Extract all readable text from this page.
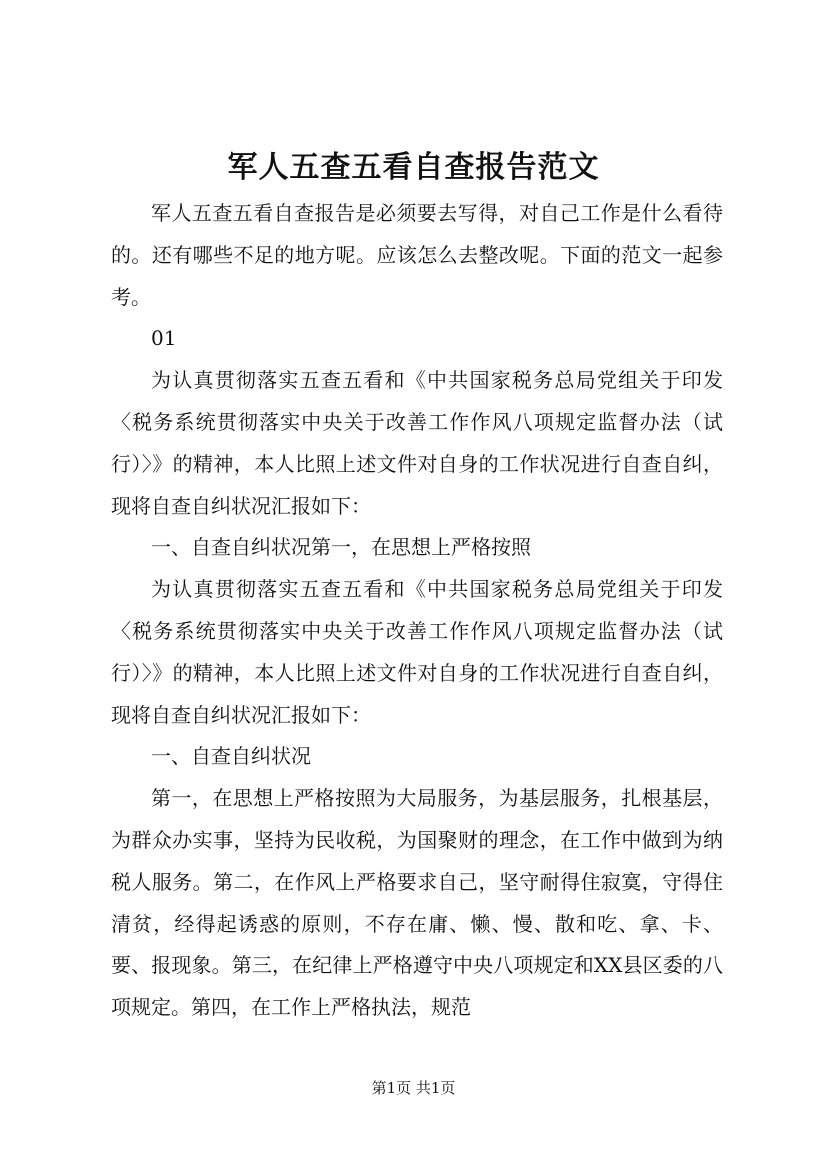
军人五查五看自查报告范文

军人五查五看自查报告是必须要去写得，对自己工作是什么看待的。还有哪些不足的地方呢。应该怎么去整改呢。下面的范文一起参考。

01

为认真贯彻落实五查五看和《中共国家税务总局党组关于印发〈税务系统贯彻落实中央关于改善工作作风八项规定监督办法（试行）〉》的精神，本人比照上述文件对自身的工作状况进行自查自纠，现将自查自纠状况汇报如下：

一、自查自纠状况第一，在思想上严格按照

为认真贯彻落实五查五看和《中共国家税务总局党组关于印发〈税务系统贯彻落实中央关于改善工作作风八项规定监督办法（试行）〉》的精神，本人比照上述文件对自身的工作状况进行自查自纠，现将自查自纠状况汇报如下：

一、自查自纠状况

第一，在思想上严格按照为大局服务，为基层服务，扎根基层，为群众办实事，坚持为民收税，为国聚财的理念，在工作中做到为纳税人服务。第二，在作风上严格要求自己，坚守耐得住寂寞，守得住清贫，经得起诱惑的原则，不存在庸、懒、慢、散和吃、拿、卡、要、报现象。第三，在纪律上严格遵守中央八项规定和XX县区委的八项规定。第四，在工作上严格执法，规范

第1页 共1页
